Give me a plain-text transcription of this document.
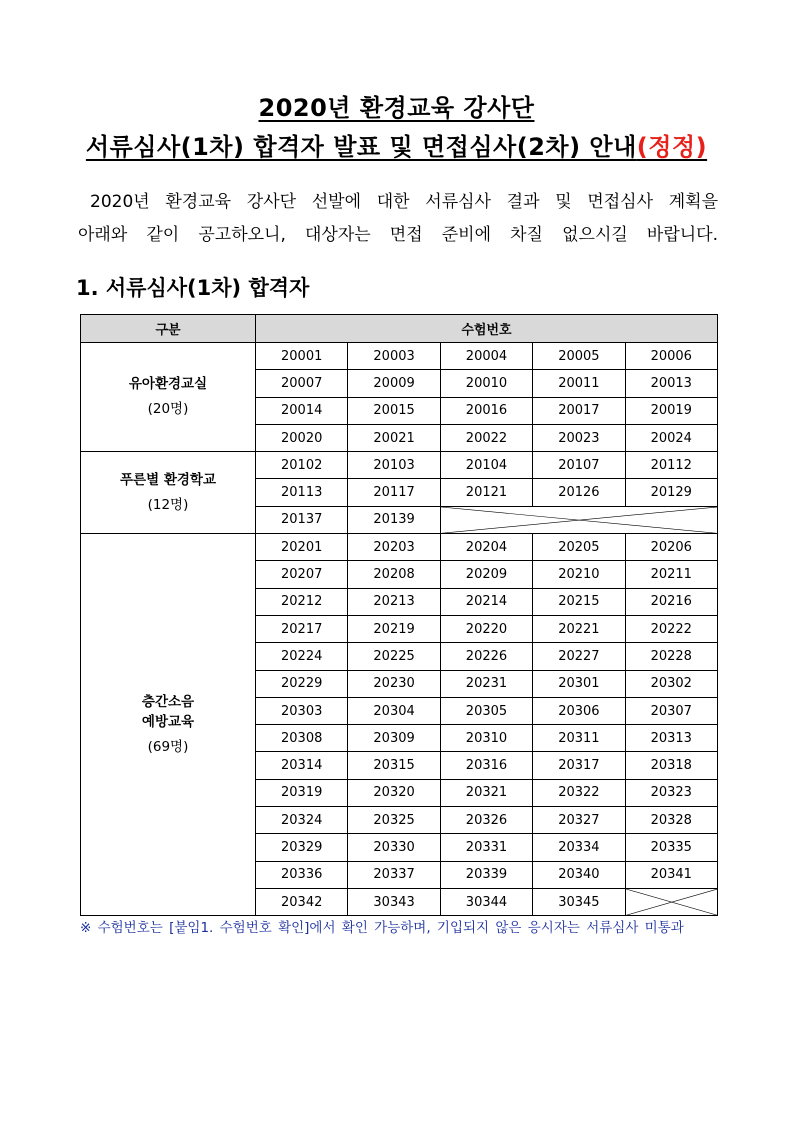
2020년 환경교육 강사단
서류심사(1차) 합격자 발표 및 면접심사(2차) 안내(정정)

2020년 환경교육 강사단 선발에 대한 서류심사 결과 및 면접심사 계획을

아래와 같이 공고하오니, 대상자는 면접 준비에 차질 없으시길 바랍니다.

1. 서류심사(1차) 합격자
구분	수험번호				

유아환경교실
(20명)	20001	20003	20004	20005	20006
	20007	20009	20010	20011	20013
	20014	20015	20016	20017	20019
	20020	20021	20022	20023	20024

푸른별 환경학교
(12명)	20102	20103	20104	20107	20112
	20113	20117	20121	20126	20129
	20137	20139	

층간소음
예방교육
(69명)	20201	20203	20204	20205	20206
	20207	20208	20209	20210	20211
	20212	20213	20214	20215	20216
	20217	20219	20220	20221	20222
	20224	20225	20226	20227	20228
	20229	20230	20231	20301	20302
	20303	20304	20305	20306	20307
	20308	20309	20310	20311	20313
	20314	20315	20316	20317	20318
	20319	20320	20321	20322	20323
	20324	20325	20326	20327	20328
	20329	20330	20331	20334	20335
	20336	20337	20339	20340	20341
	20342	30343	30344	30345	
※ 수험번호는 [붙임1. 수험번호 확인]에서 확인 가능하며, 기입되지 않은 응시자는 서류심사 미통과
